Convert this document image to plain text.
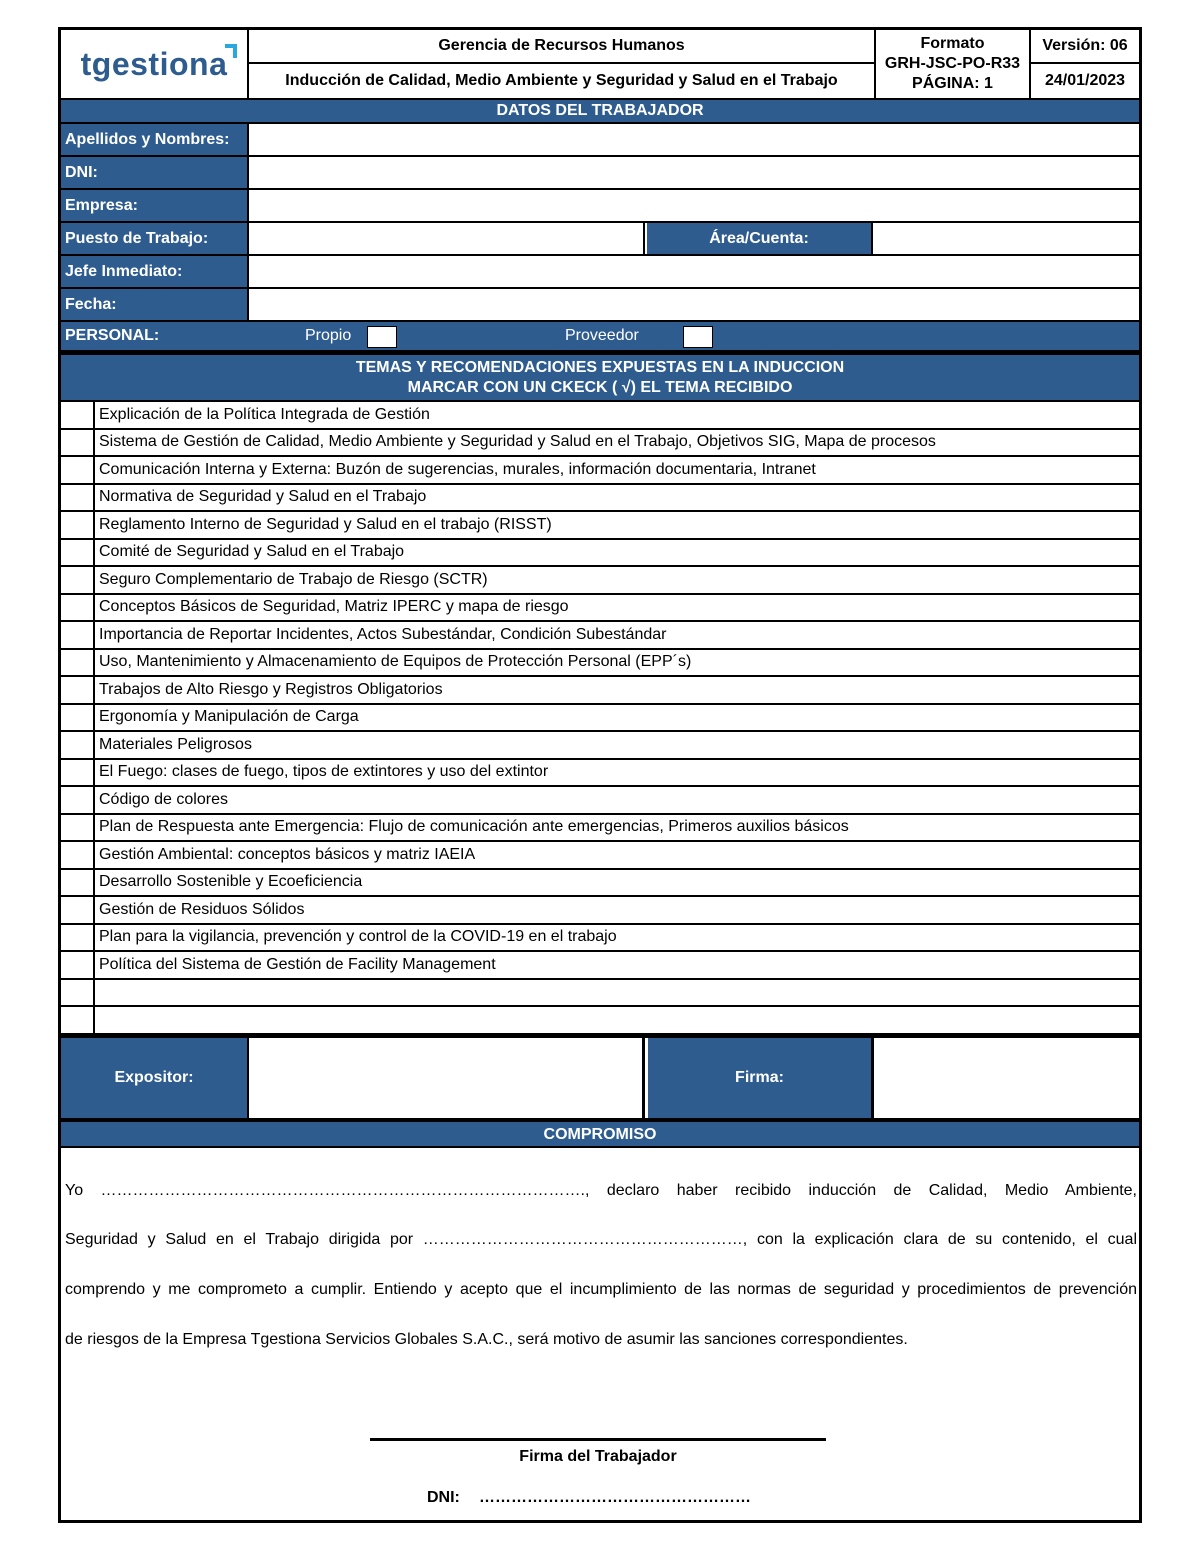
tgestiona	Gerencia de Recursos Humanos
Inducción de Calidad, Medio Ambiente y Seguridad y Salud en el Trabajo
Formato
GRH-JSC-PO-R33
PÁGINA: 1
Versión: 06
24/01/2023
DATOS DEL TRABAJADOR
Apellidos y Nombres:
DNI:
Empresa:
Puesto de Trabajo:	Área/Cuenta:
Jefe Inmediato:
Fecha:
PERSONAL:	Propio	Proveedor
TEMAS Y RECOMENDACIONES EXPUESTAS EN LA INDUCCION
MARCAR CON UN CKECK ( √) EL TEMA RECIBIDO
Explicación de la Política Integrada de Gestión
Sistema de Gestión de Calidad, Medio Ambiente y Seguridad y Salud en el Trabajo, Objetivos SIG, Mapa de procesos
Comunicación Interna y Externa: Buzón de sugerencias, murales, información documentaria, Intranet
Normativa de Seguridad y Salud en el Trabajo
Reglamento Interno de Seguridad y Salud en el trabajo (RISST)
Comité de Seguridad y Salud en el Trabajo
Seguro Complementario de Trabajo de Riesgo (SCTR)
Conceptos Básicos de Seguridad, Matriz IPERC y mapa de riesgo
Importancia de Reportar Incidentes, Actos Subestándar, Condición Subestándar
Uso, Mantenimiento y Almacenamiento de Equipos de Protección Personal (EPP´s)
Trabajos de Alto Riesgo y Registros Obligatorios
Ergonomía y Manipulación de Carga
Materiales Peligrosos
El Fuego: clases de fuego, tipos de extintores y uso del extintor
Código de colores
Plan de Respuesta ante Emergencia: Flujo de comunicación ante emergencias, Primeros auxilios básicos
Gestión Ambiental: conceptos básicos y matriz IAEIA
Desarrollo Sostenible y Ecoeficiencia
Gestión de Residuos Sólidos
Plan para la vigilancia, prevención y control de la COVID-19 en el trabajo
Política del Sistema de Gestión de Facility Management
Expositor:	Firma:
COMPROMISO
Yo ………………………………………………………………………………., declaro haber recibido inducción de Calidad, Medio Ambiente,
Seguridad y Salud en el Trabajo dirigida por ……………………………………………………, con la explicación clara de su contenido, el cual
comprendo y me comprometo a cumplir. Entiendo y acepto que el incumplimiento de las normas de seguridad y procedimientos de prevención
de riesgos de la Empresa Tgestiona Servicios Globales S.A.C., será motivo de asumir las sanciones correspondientes.
Firma del Trabajador
DNI: ……………………………………………
